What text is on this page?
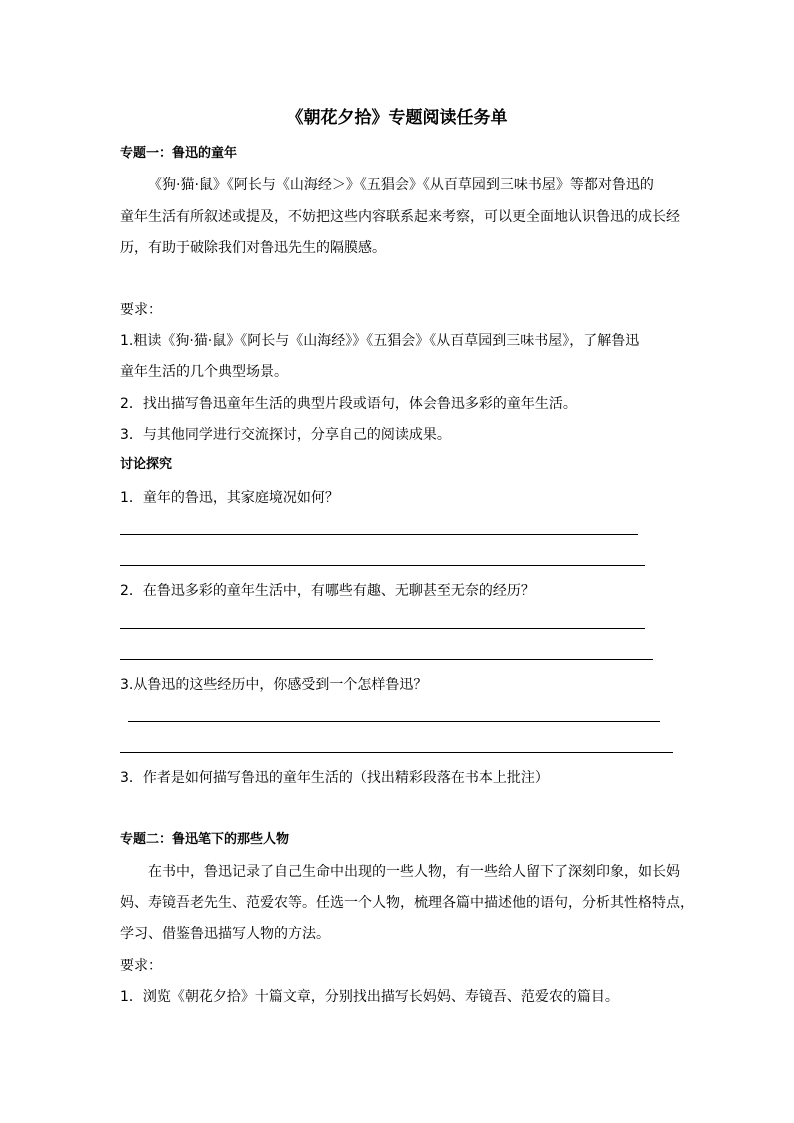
《朝花夕拾》专题阅读任务单
专题一：鲁迅的童年
《狗·猫·鼠》《阿长与《山海经＞》《五猖会》《从百草园到三味书屋》等都对鲁迅的
童年生活有所叙述或提及，不妨把这些内容联系起来考察，可以更全面地认识鲁迅的成长经
历，有助于破除我们对鲁迅先生的隔膜感。
要求：
1.粗读《狗·猫·鼠》《阿长与《山海经》》《五猖会》《从百草园到三味书屋》，了解鲁迅
童年生活的几个典型场景。
2．找出描写鲁迅童年生活的典型片段或语句，体会鲁迅多彩的童年生活。
3．与其他同学进行交流探讨，分享自己的阅读成果。
讨论探究
1．童年的鲁迅，其家庭境况如何？
2．在鲁迅多彩的童年生活中，有哪些有趣、无聊甚至无奈的经历？
3.从鲁迅的这些经历中，你感受到一个怎样鲁迅？
3．作者是如何描写鲁迅的童年生活的（找出精彩段落在书本上批注）
专题二：鲁迅笔下的那些人物
在书中，鲁迅记录了自己生命中出现的一些人物，有一些给人留下了深刻印象，如长妈
妈、寿镜吾老先生、范爱农等。任选一个人物，梳理各篇中描述他的语句，分析其性格特点，
学习、借鉴鲁迅描写人物的方法。
要求：
1．浏览《朝花夕拾》十篇文章，分别找出描写长妈妈、寿镜吾、范爱农的篇目。
